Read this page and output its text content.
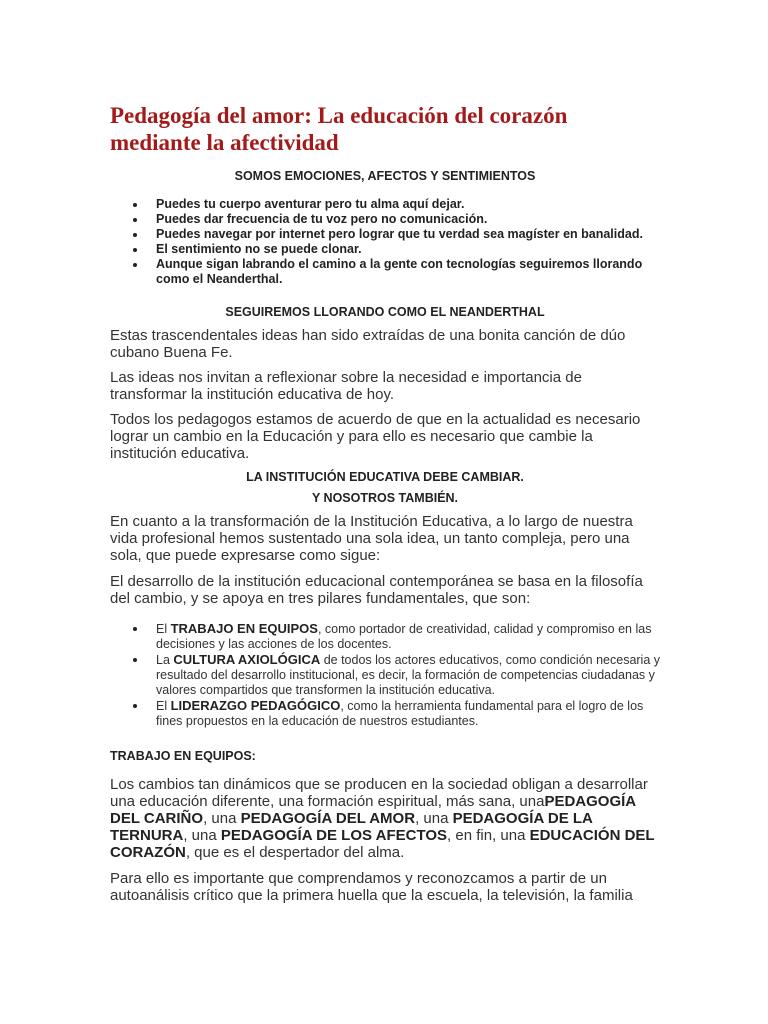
Pedagogía del amor: La educación del corazón mediante la afectividad

SOMOS EMOCIONES, AFECTOS Y SENTIMIENTOS

Puedes tu cuerpo aventurar pero tu alma aquí dejar.
Puedes dar frecuencia de tu voz pero no comunicación.
Puedes navegar por internet pero lograr que tu verdad sea magíster en banalidad.
El sentimiento no se puede clonar.
Aunque sigan labrando el camino a la gente con tecnologías seguiremos llorando como el Neanderthal.

SEGUIREMOS LLORANDO COMO EL NEANDERTHAL

Estas trascendentales ideas han sido extraídas de una bonita canción de dúo cubano Buena Fe.

Las ideas nos invitan a reflexionar sobre la necesidad e importancia de transformar la institución educativa de hoy.

Todos los pedagogos estamos de acuerdo de que en la actualidad es necesario lograr un cambio en la Educación y para ello es necesario que cambie la institución educativa.

LA INSTITUCIÓN EDUCATIVA DEBE CAMBIAR.

Y NOSOTROS TAMBIÉN.

En cuanto a la transformación de la Institución Educativa, a lo largo de nuestra vida profesional hemos sustentado una sola idea, un tanto compleja, pero una sola, que puede expresarse como sigue:

El desarrollo de la institución educacional contemporánea se basa en la filosofía del cambio, y se apoya en tres pilares fundamentales, que son:

El TRABAJO EN EQUIPOS, como portador de creatividad, calidad y compromiso en las decisiones y las acciones de los docentes.
La CULTURA AXIOLÓGICA de todos los actores educativos, como condición necesaria y resultado del desarrollo institucional, es decir, la formación de competencias ciudadanas y valores compartidos que transformen la institución educativa.
El LIDERAZGO PEDAGÓGICO, como la herramienta fundamental para el logro de los fines propuestos en la educación de nuestros estudiantes.

TRABAJO EN EQUIPOS:

Los cambios tan dinámicos que se producen en la sociedad obligan a desarrollar una educación diferente, una formación espiritual, más sana, unaPEDAGOGÍA DEL CARIÑO, una PEDAGOGÍA DEL AMOR, una PEDAGOGÍA DE LA TERNURA, una PEDAGOGÍA DE LOS AFECTOS, en fin, una EDUCACIÓN DEL CORAZÓN, que es el despertador del alma.

Para ello es importante que comprendamos y reconozcamos a partir de un autoanálisis crítico que la primera huella que la escuela, la televisión, la familia
